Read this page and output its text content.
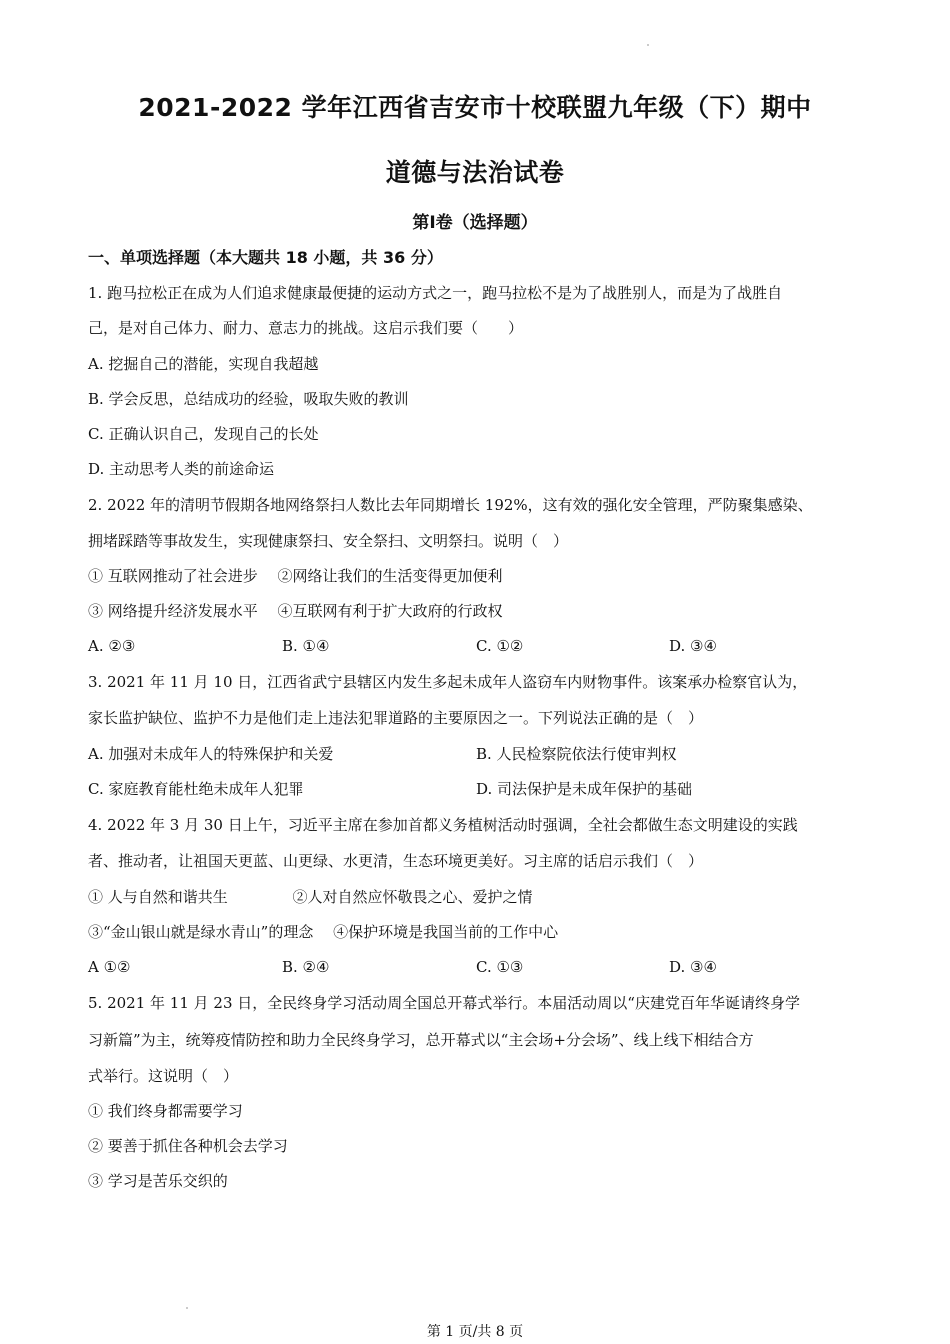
2021-2022 学年江西省吉安市十校联盟九年级（下）期中
道德与法治试卷
第Ⅰ卷（选择题）
一、单项选择题（本大题共 18 小题，共 36 分）
1. 跑马拉松正在成为人们追求健康最便捷的运动方式之一，跑马拉松不是为了战胜别人，而是为了战胜自
己，是对自己体力、耐力、意志力的挑战。这启示我们要（　　）
A. 挖掘自己的潜能，实现自我超越
B. 学会反思，总结成功的经验，吸取失败的教训
C. 正确认识自己，发现自己的长处
D. 主动思考人类的前途命运
2. 2022 年的清明节假期各地网络祭扫人数比去年同期增长 192%，这有效的强化安全管理，严防聚集感染、
拥堵踩踏等事故发生，实现健康祭扫、安全祭扫、文明祭扫。说明（　）
① 互联网推动了社会进步　 ②网络让我们的生活变得更加便利
③ 网络提升经济发展水平　 ④互联网有利于扩大政府的行政权
A. ②③	B. ①④	C. ①②	D. ③④
3. 2021 年 11 月 10 日，江西省武宁县辖区内发生多起未成年人盗窃车内财物事件。该案承办检察官认为，
家长监护缺位、监护不力是他们走上违法犯罪道路的主要原因之一。下列说法正确的是（　）
A. 加强对未成年人的特殊保护和关爱	B. 人民检察院依法行使审判权
C. 家庭教育能杜绝未成年人犯罪	D. 司法保护是未成年保护的基础
4. 2022 年 3 月 30 日上午，习近平主席在参加首都义务植树活动时强调，全社会都做生态文明建设的实践
者、推动者，让祖国天更蓝、山更绿、水更清，生态环境更美好。习主席的话启示我们（　）
① 人与自然和谐共生　　　　 ②人对自然应怀敬畏之心、爱护之情
③“金山银山就是绿水青山”的理念　 ④保护环境是我国当前的工作中心
A ①②	B. ②④	C. ①③	D. ③④
5. 2021 年 11 月 23 日，全民终身学习活动周全国总开幕式举行。本届活动周以“庆建党百年华诞请终身学
习新篇”为主，统筹疫情防控和助力全民终身学习，总开幕式以“主会场+分会场”、线上线下相结合方
式举行。这说明（　）
① 我们终身都需要学习
② 要善于抓住各种机会去学习
③ 学习是苦乐交织的
第 1 页/共 8 页
